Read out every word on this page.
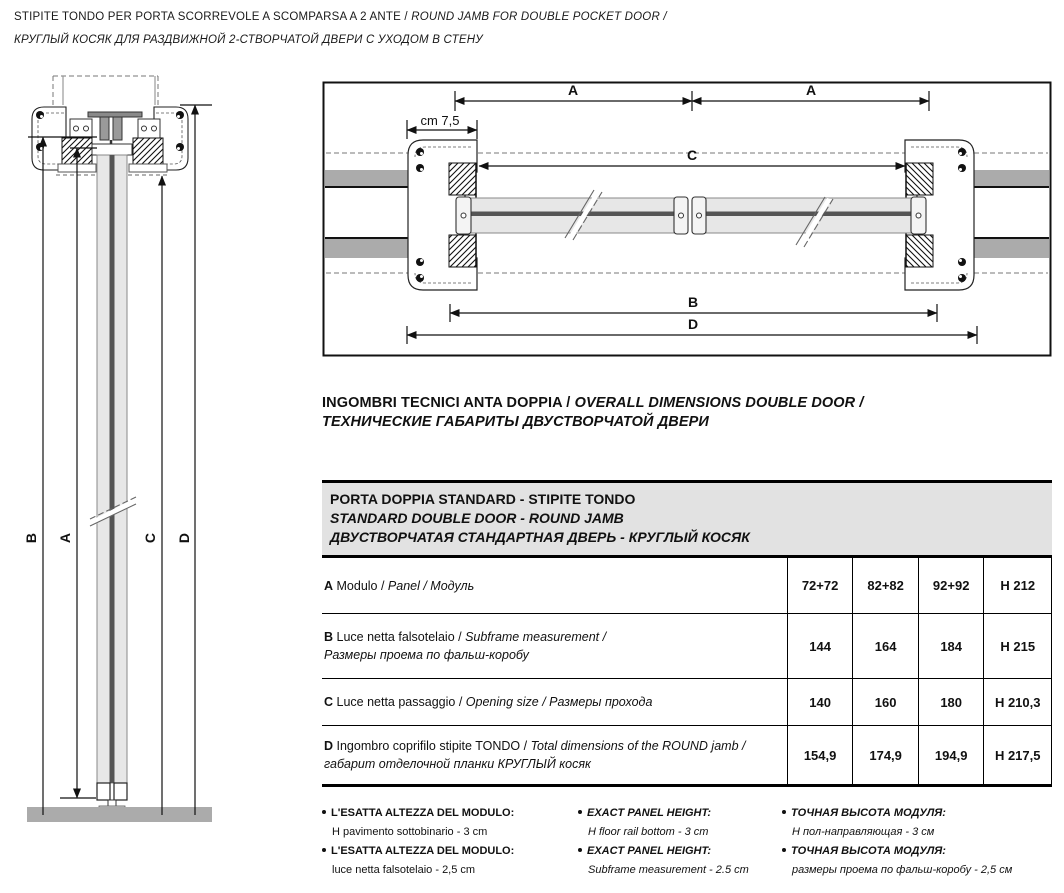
STIPITE TONDO PER PORTA SCORREVOLE A SCOMPARSA A 2 ANTE / ROUND JAMB FOR DOUBLE POCKET DOOR /
КРУГЛЫЙ КОСЯК ДЛЯ РАЗДВИЖНОЙ 2-СТВОРЧАТОЙ ДВЕРИ С УХОДОМ В СТЕНУ
B A	C D
A	A
cm 7,5
C
B
D
INGOMBRI TECNICI ANTA DOPPIA / OVERALL DIMENSIONS DOUBLE DOOR /
ТЕХНИЧЕСКИЕ ГАБАРИТЫ ДВУСТВОРЧАТОЙ ДВЕРИ
PORTA DOPPIA STANDARD - STIPITE TONDO
STANDARD DOUBLE DOOR - ROUND JAMB
ДВУСТВОРЧАТАЯ СТАНДАРТНАЯ ДВЕРЬ - КРУГЛЫЙ КОСЯК
A Modulo / Panel / Модуль	72+72	82+82	92+92	H 212
B Luce netta falsotelaio / Subframe measurement /
Размеры проема по фальш-коробу
144	164	184	H 215
C Luce netta passaggio / Opening size / Размеры прохода	140	160	180	H 210,3
D Ingombro coprifilo stipite TONDO / Total dimensions of the ROUND jamb /
габарит отделочной планки КРУГЛЫЙ косяк
154,9	174,9	194,9	H 217,5
L'ESATTA ALTEZZA DEL MODULO:
H pavimento sottobinario - 3 cm
L'ESATTA ALTEZZA DEL MODULO:
luce netta falsotelaio - 2,5 cm
EXACT PANEL HEIGHT:
H floor rail bottom - 3 cm
EXACT PANEL HEIGHT:
Subframe measurement - 2.5 cm
ТОЧНАЯ ВЫСОТА МОДУЛЯ:
Н пол-направляющая - 3 см
ТОЧНАЯ ВЫСОТА МОДУЛЯ:
размеры проема по фальш-коробу - 2,5 см
